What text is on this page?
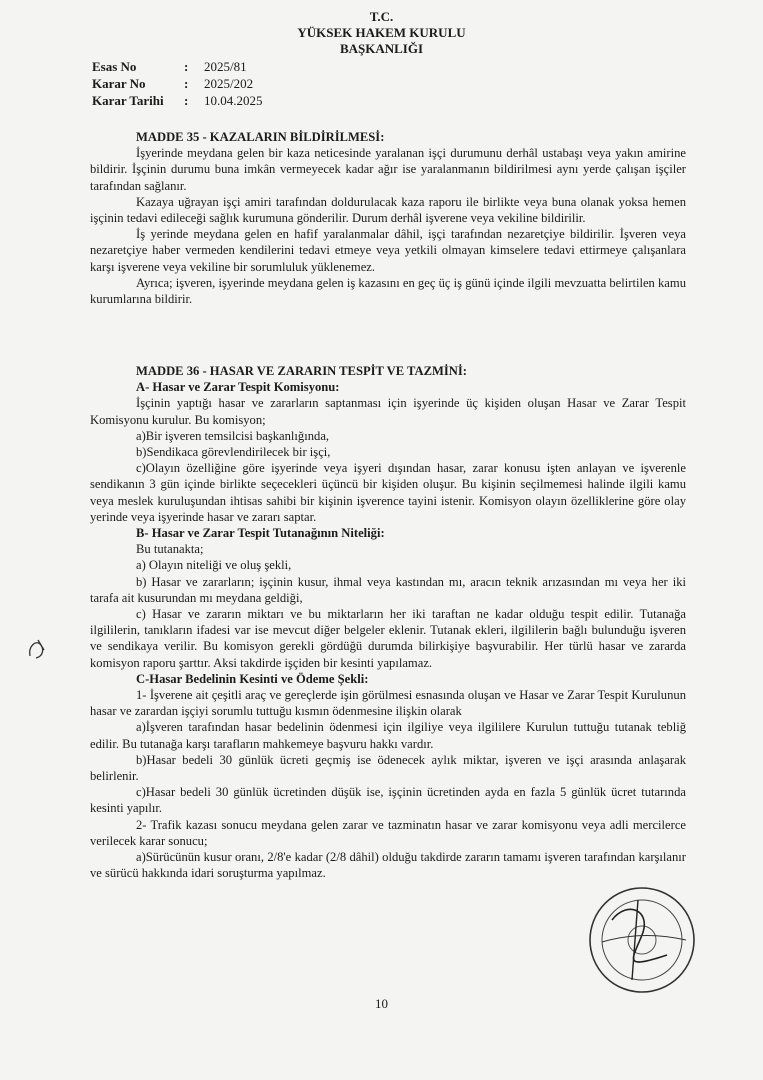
T.C.
YÜKSEK HAKEM KURULU
BAŞKANLIĞI
Esas No	:	2025/81
Karar No	:	2025/202
Karar Tarihi	:	10.04.2025

MADDE 35 - KAZALARIN BİLDİRİLMESİ:

İşyerinde meydana gelen bir kaza neticesinde yaralanan işçi durumunu derhâl ustabaşı veya yakın amirine bildirir. İşçinin durumu buna imkân vermeyecek kadar ağır ise yaralanmanın bildirilmesi aynı yerde çalışan işçiler tarafından sağlanır.

Kazaya uğrayan işçi amiri tarafından doldurulacak kaza raporu ile birlikte veya buna olanak yoksa hemen işçinin tedavi edileceği sağlık kurumuna gönderilir. Durum derhâl işverene veya vekiline bildirilir.

İş yerinde meydana gelen en hafif yaralanmalar dâhil, işçi tarafından nezaretçiye bildirilir. İşveren veya nezaretçiye haber vermeden kendilerini tedavi etmeye veya yetkili olmayan kimselere tedavi ettirmeye çalışanlara karşı işverene veya vekiline bir sorumluluk yüklenemez.

Ayrıca; işveren, işyerinde meydana gelen iş kazasını en geç üç iş günü içinde ilgili mevzuatta belirtilen kamu kurumlarına bildirir.

MADDE 36 - HASAR VE ZARARIN TESPİT VE TAZMİNİ:

A- Hasar ve Zarar Tespit Komisyonu:

İşçinin yaptığı hasar ve zararların saptanması için işyerinde üç kişiden oluşan Hasar ve Zarar Tespit Komisyonu kurulur. Bu komisyon;

a)Bir işveren temsilcisi başkanlığında,

b)Sendikaca görevlendirilecek bir işçi,

c)Olayın özelliğine göre işyerinde veya işyeri dışından hasar, zarar konusu işten anlayan ve işverenle sendikanın 3 gün içinde birlikte seçecekleri üçüncü bir kişiden oluşur. Bu kişinin seçilmemesi halinde ilgili kamu veya meslek kuruluşundan ihtisas sahibi bir kişinin işverence tayini istenir. Komisyon olayın özelliklerine göre olay yerinde veya işyerinde hasar ve zararı saptar.

B- Hasar ve Zarar Tespit Tutanağının Niteliği:

Bu tutanakta;

a) Olayın niteliği ve oluş şekli,

b) Hasar ve zararların; işçinin kusur, ihmal veya kastından mı, aracın teknik arızasından mı veya her iki tarafa ait kusurundan mı meydana geldiği,

c) Hasar ve zararın miktarı ve bu miktarların her iki taraftan ne kadar olduğu tespit edilir. Tutanağa ilgililerin, tanıkların ifadesi var ise mevcut diğer belgeler eklenir. Tutanak ekleri, ilgililerin bağlı bulunduğu işveren ve sendikaya verilir. Bu komisyon gerekli gördüğü durumda bilirkişiye başvurabilir. Her türlü hasar ve zararda komisyon raporu şarttır. Aksi takdirde işçiden bir kesinti yapılamaz.

C-Hasar Bedelinin Kesinti ve Ödeme Şekli:

1- İşverene ait çeşitli araç ve gereçlerde işin görülmesi esnasında oluşan ve Hasar ve Zarar Tespit Kurulunun hasar ve zarardan işçiyi sorumlu tuttuğu kısmın ödenmesine ilişkin olarak

a)İşveren tarafından hasar bedelinin ödenmesi için ilgiliye veya ilgililere Kurulun tuttuğu tutanak tebliğ edilir. Bu tutanağa karşı tarafların mahkemeye başvuru hakkı vardır.

b)Hasar bedeli 30 günlük ücreti geçmiş ise ödenecek aylık miktar, işveren ve işçi arasında anlaşarak belirlenir.

c)Hasar bedeli 30 günlük ücretinden düşük ise, işçinin ücretinden ayda en fazla 5 günlük ücret tutarında kesinti yapılır.

2- Trafik kazası sonucu meydana gelen zarar ve tazminatın hasar ve zarar komisyonu veya adli mercilerce verilecek karar sonucu;

a)Sürücünün kusur oranı, 2/8'e kadar (2/8 dâhil) olduğu takdirde zararın tamamı işveren tarafından karşılanır ve sürücü hakkında idari soruşturma yapılmaz.

10
